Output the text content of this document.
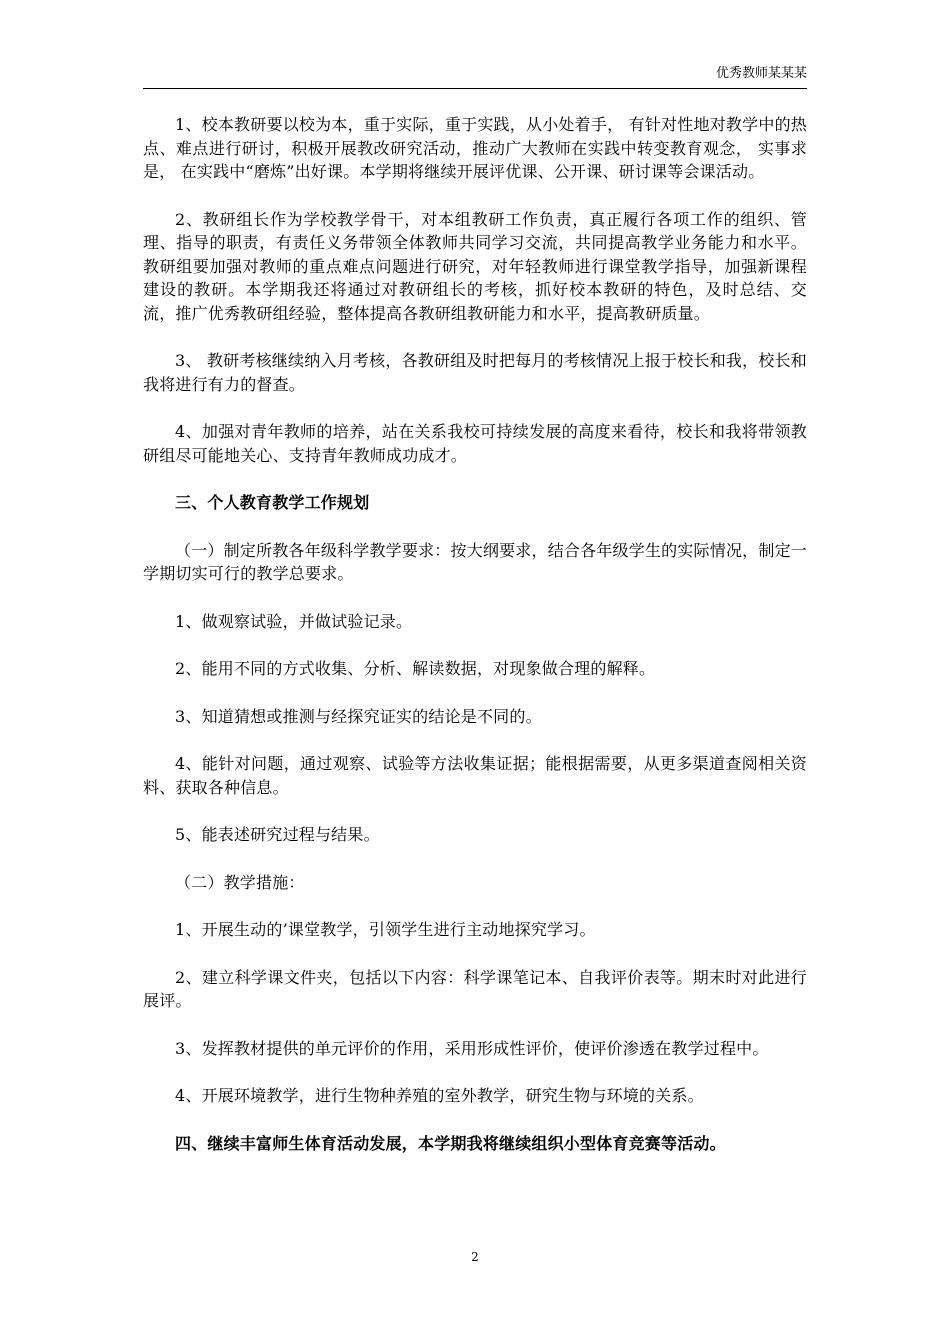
优秀教师某某某

1、校本教研要以校为本，重于实际，重于实践，从小处着手， 有针对性地对教学中的热点、难点进行研讨，积极开展教改研究活动，推动广大教师在实践中转变教育观念， 实事求是， 在实践中“磨炼”出好课。本学期将继续开展评优课、公开课、研讨课等会课活动。

2、教研组长作为学校教学骨干，对本组教研工作负责，真正履行各项工作的组织、管理、指导的职责，有责任义务带领全体教师共同学习交流，共同提高教学业务能力和水平。教研组要加强对教师的重点难点问题进行研究，对年轻教师进行课堂教学指导，加强新课程建设的教研。本学期我还将通过对教研组长的考核，抓好校本教研的特色，及时总结、交流，推广优秀教研组经验，整体提高各教研组教研能力和水平，提高教研质量。

3、 教研考核继续纳入月考核，各教研组及时把每月的考核情况上报于校长和我，校长和我将进行有力的督查。

4、加强对青年教师的培养，站在关系我校可持续发展的高度来看待，校长和我将带领教研组尽可能地关心、支持青年教师成功成才。

三、个人教育教学工作规划

（一）制定所教各年级科学教学要求：按大纲要求，结合各年级学生的实际情况，制定一学期切实可行的教学总要求。

1、做观察试验，并做试验记录。

2、能用不同的方式收集、分析、解读数据，对现象做合理的解释。

3、知道猜想或推测与经探究证实的结论是不同的。

4、能针对问题，通过观察、试验等方法收集证据；能根据需要，从更多渠道查阅相关资料、获取各种信息。

5、能表述研究过程与结果。

（二）教学措施：

1、开展生动的’课堂教学，引领学生进行主动地探究学习。

2、建立科学课文件夹，包括以下内容：科学课笔记本、自我评价表等。期末时对此进行展评。

3、发挥教材提供的单元评价的作用，采用形成性评价，使评价渗透在教学过程中。

4、开展环境教学，进行生物种养殖的室外教学，研究生物与环境的关系。

四、继续丰富师生体育活动发展，本学期我将继续组织小型体育竞赛等活动。

2
